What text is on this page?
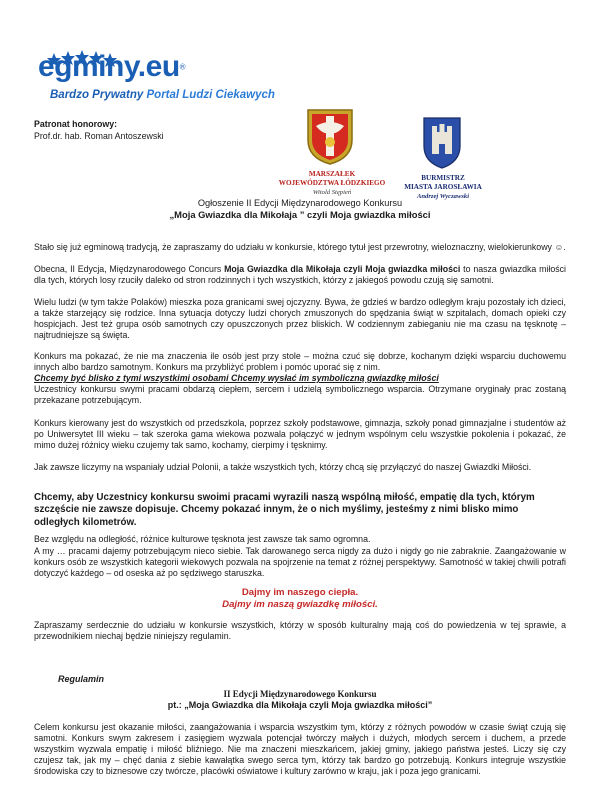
egminy.eu®
Bardzo Prywatny Portal Ludzi Ciekawych
Patronat honorowy:
Prof.dr. hab. Roman Antoszewski
MARSZAŁEK
WOJEWÓDZTWA ŁÓDZKIEGO
Witold Stępień
BURMISTRZ
MIASTA JAROSŁAWIA
Andrzej Wyczawski
Ogłoszenie II Edycji Międzynarodowego Konkursu
„Moja Gwiazdka dla Mikołaja ” czyli Moja gwiazdka miłości
Stało się już egminową tradycją, że zapraszamy do udziału w konkursie, którego tytuł jest przewrotny, wieloznaczny, wielokierunkowy ☺.
Obecna, II Edycja, Międzynarodowego Concurs Moja Gwiazdka dla Mikołaja czyli Moja gwiazdka miłości to nasza gwiazdka miłości dla tych, których losy rzuciły daleko od stron rodzinnych i tych wszystkich, którzy z jakiegoś powodu czują się samotni.
Wielu ludzi (w tym także Polaków) mieszka poza granicami swej ojczyzny. Bywa, że gdzieś w bardzo odległym kraju pozostały ich dzieci, a także starzejący się rodzice. Inna sytuacja dotyczy ludzi chorych zmuszonych do spędzania świąt w szpitalach, domach opieki czy hospicjach. Jest też grupa osób samotnych czy opuszczonych przez bliskich. W codziennym zabieganiu nie ma czasu na tęsknotę – najtrudniejsze są święta.
Konkurs ma pokazać, że nie ma znaczenia ile osób jest przy stole – można czuć się dobrze, kochanym dzięki wsparciu duchowemu innych albo bardzo samotnym. Konkurs ma przybliżyć problem i pomóc uporać się z nim.
Chcemy być blisko z tymi wszystkimi osobami Chcemy wysłać im symboliczną gwiazdkę miłości
Uczestnicy konkursu swymi pracami obdarzą ciepłem, sercem i udzielą symbolicznego wsparcia. Otrzymane oryginały prac zostaną przekazane potrzebującym.
Konkurs kierowany jest do wszystkich od przedszkola, poprzez szkoły podstawowe, gimnazja, szkoły ponad gimnazjalne i studentów aż po Uniwersytet III wieku – tak szeroka gama wiekowa pozwala połączyć w jednym wspólnym celu wszystkie pokolenia i pokazać, że mimo dużej różnicy wieku czujemy tak samo, kochamy, cierpimy i tęsknimy.
Jak zawsze liczymy na wspaniały udział Polonii, a także wszystkich tych, którzy chcą się przyłączyć do naszej Gwiazdki Miłości.
Chcemy, aby Uczestnicy konkursu swoimi pracami wyrazili naszą wspólną miłość, empatię dla tych, którym szczęście nie zawsze dopisuje. Chcemy pokazać innym, że o nich myślimy, jesteśmy z nimi blisko mimo odległych kilometrów.
Bez względu na odległość, różnice kulturowe tęsknota jest zawsze tak samo ogromna.
A my … pracami dajemy potrzebującym nieco siebie. Tak darowanego serca nigdy za dużo i nigdy go nie zabraknie. Zaangażowanie w konkurs osób ze wszystkich kategorii wiekowych pozwala na spojrzenie na temat z różnej perspektywy. Samotność w takiej chwili potrafi dotyczyć każdego – od oseska aż po sędziwego staruszka.
Dajmy im naszego ciepła.
Dajmy im naszą gwiazdkę miłości.
Zapraszamy serdecznie do udziału w konkursie wszystkich, którzy w sposób kulturalny mają coś do powiedzenia w tej sprawie, a przewodnikiem niechaj będzie niniejszy regulamin.
Regulamin
II Edycji Międzynarodowego Konkursu
pt.: „Moja Gwiazdka dla Mikołaja czyli Moja gwiazdka miłości”
Celem konkursu jest okazanie miłości, zaangażowania i wsparcia wszystkim tym, którzy z różnych powodów w czasie świąt czują się samotni. Konkurs swym zakresem i zasięgiem wyzwala potencjał twórczy małych i dużych, młodych sercem i duchem, a przede wszystkim wyzwala empatię i miłość bliźniego. Nie ma znaczeni mieszkańcem, jakiej gminy, jakiego państwa jesteś. Liczy się czy czujesz tak, jak my – chęć dania z siebie kawałątka swego serca tym, którzy tak bardzo go potrzebują. Konkurs integruje wszystkie środowiska czy to biznesowe czy twórcze, placówki oświatowe i kultury zarówno w kraju, jak i poza jego granicami.
